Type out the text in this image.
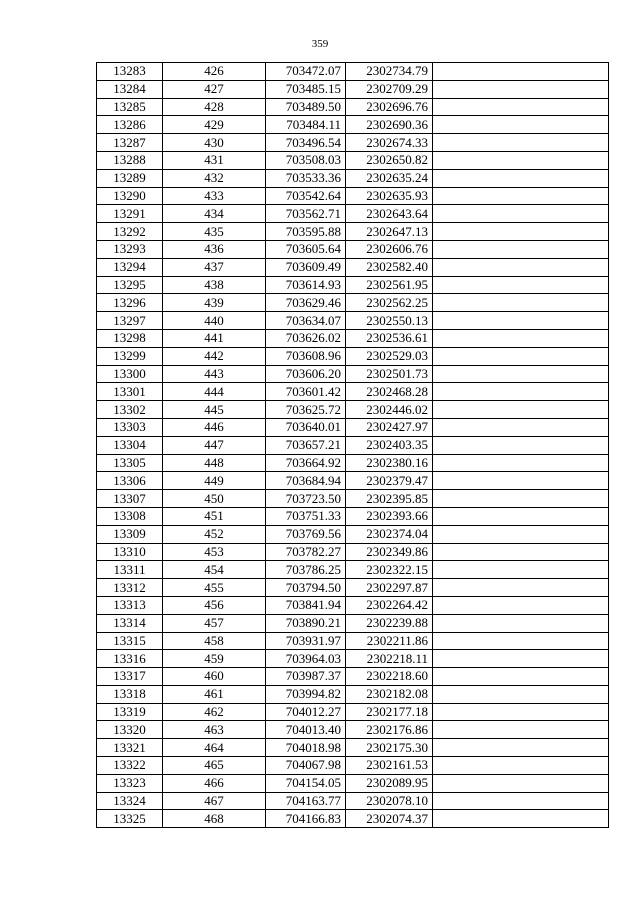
359
13283	426	703472.07	2302734.79	
13284	427	703485.15	2302709.29	
13285	428	703489.50	2302696.76	
13286	429	703484.11	2302690.36	
13287	430	703496.54	2302674.33	
13288	431	703508.03	2302650.82	
13289	432	703533.36	2302635.24	
13290	433	703542.64	2302635.93	
13291	434	703562.71	2302643.64	
13292	435	703595.88	2302647.13	
13293	436	703605.64	2302606.76	
13294	437	703609.49	2302582.40	
13295	438	703614.93	2302561.95	
13296	439	703629.46	2302562.25	
13297	440	703634.07	2302550.13	
13298	441	703626.02	2302536.61	
13299	442	703608.96	2302529.03	
13300	443	703606.20	2302501.73	
13301	444	703601.42	2302468.28	
13302	445	703625.72	2302446.02	
13303	446	703640.01	2302427.97	
13304	447	703657.21	2302403.35	
13305	448	703664.92	2302380.16	
13306	449	703684.94	2302379.47	
13307	450	703723.50	2302395.85	
13308	451	703751.33	2302393.66	
13309	452	703769.56	2302374.04	
13310	453	703782.27	2302349.86	
13311	454	703786.25	2302322.15	
13312	455	703794.50	2302297.87	
13313	456	703841.94	2302264.42	
13314	457	703890.21	2302239.88	
13315	458	703931.97	2302211.86	
13316	459	703964.03	2302218.11	
13317	460	703987.37	2302218.60	
13318	461	703994.82	2302182.08	
13319	462	704012.27	2302177.18	
13320	463	704013.40	2302176.86	
13321	464	704018.98	2302175.30	
13322	465	704067.98	2302161.53	
13323	466	704154.05	2302089.95	
13324	467	704163.77	2302078.10	
13325	468	704166.83	2302074.37	
